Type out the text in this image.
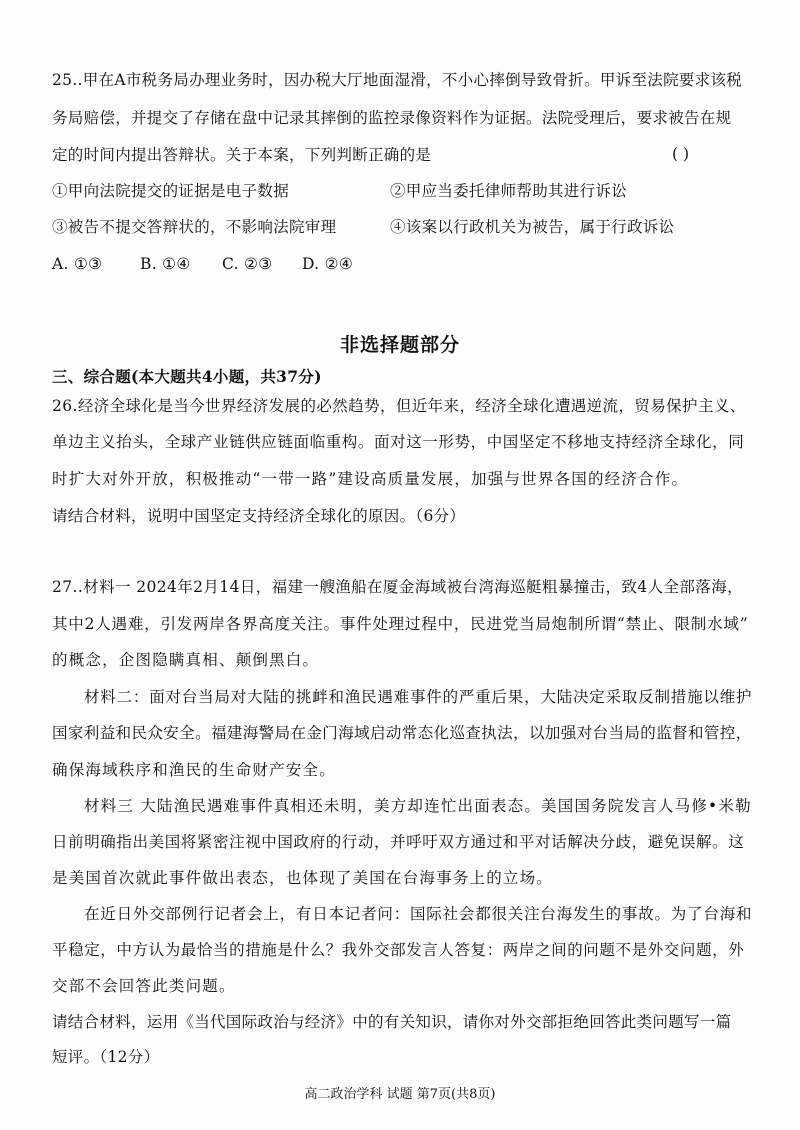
25..甲在A市税务局办理业务时，因办税大厅地面湿滑，不小心摔倒导致骨折。甲诉至法院要求该税
务局赔偿，并提交了存储在盘中记录其摔倒的监控录像资料作为证据。法院受理后，要求被告在规
定的时间内提出答辩状。关于本案，下列判断正确的是	( )
①甲向法院提交的证据是电子数据	②甲应当委托律师帮助其进行诉讼
③被告不提交答辩状的，不影响法院审理	④该案以行政机关为被告，属于行政诉讼
A. ①③ B. ①④ C. ②③ D. ②④
非选择题部分
三、综合题(本大题共4小题，共37分)
26.经济全球化是当今世界经济发展的必然趋势，但近年来，经济全球化遭遇逆流，贸易保护主义、
单边主义抬头，全球产业链供应链面临重构。面对这一形势，中国坚定不移地支持经济全球化，同
时扩大对外开放，积极推动“一带一路”建设高质量发展，加强与世界各国的经济合作。
请结合材料，说明中国坚定支持经济全球化的原因。（6分）
27..材料一 2024年2月14日，福建一艘渔船在厦金海域被台湾海巡艇粗暴撞击，致4人全部落海，
其中2人遇难，引发两岸各界高度关注。事件处理过程中，民进党当局炮制所谓“禁止、限制水域”
的概念，企图隐瞒真相、颠倒黑白。
材料二：面对台当局对大陆的挑衅和渔民遇难事件的严重后果，大陆决定采取反制措施以维护
国家利益和民众安全。福建海警局在金门海域启动常态化巡查执法，以加强对台当局的监督和管控，
确保海域秩序和渔民的生命财产安全。
材料三 大陆渔民遇难事件真相还未明，美方却连忙出面表态。美国国务院发言人马修•米勒
日前明确指出美国将紧密注视中国政府的行动，并呼吁双方通过和平对话解决分歧，避免误解。这
是美国首次就此事件做出表态，也体现了美国在台海事务上的立场。
在近日外交部例行记者会上，有日本记者问：国际社会都很关注台海发生的事故。为了台海和
平稳定，中方认为最恰当的措施是什么？我外交部发言人答复：两岸之间的问题不是外交问题，外
交部不会回答此类问题。
请结合材料，运用《当代国际政治与经济》中的有关知识，请你对外交部拒绝回答此类问题写一篇
短评。（12分）
高二政治学科 试题 第7页(共8页)
